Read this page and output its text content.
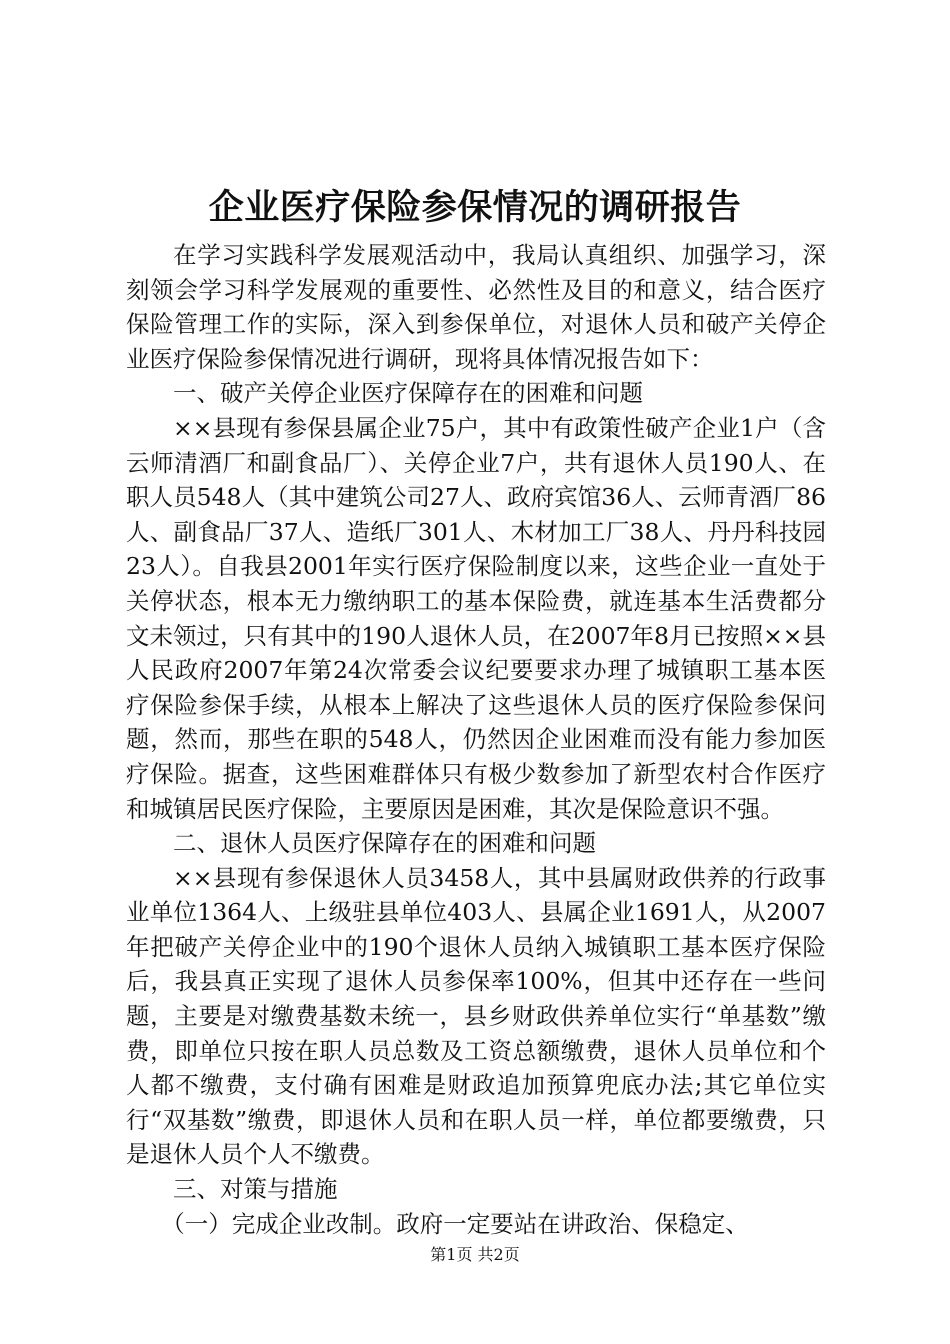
企业医疗保险参保情况的调研报告

在学习实践科学发展观活动中，我局认真组织、加强学习，深刻领会学习科学发展观的重要性、必然性及目的和意义，结合医疗保险管理工作的实际，深入到参保单位，对退休人员和破产关停企业医疗保险参保情况进行调研，现将具体情况报告如下：

一、破产关停企业医疗保障存在的困难和问题

××县现有参保县属企业75户，其中有政策性破产企业1户（含云师清酒厂和副食品厂）、关停企业7户，共有退休人员190人、在职人员548人（其中建筑公司27人、政府宾馆36人、云师青酒厂86人、副食品厂37人、造纸厂301人、木材加工厂38人、丹丹科技园23人）。自我县2001年实行医疗保险制度以来，这些企业一直处于关停状态，根本无力缴纳职工的基本保险费，就连基本生活费都分文未领过，只有其中的190人退休人员，在2007年8月已按照××县人民政府2007年第24次常委会议纪要要求办理了城镇职工基本医疗保险参保手续，从根本上解决了这些退休人员的医疗保险参保问题，然而，那些在职的548人，仍然因企业困难而没有能力参加医疗保险。据查，这些困难群体只有极少数参加了新型农村合作医疗和城镇居民医疗保险，主要原因是困难，其次是保险意识不强。

二、退休人员医疗保障存在的困难和问题

××县现有参保退休人员3458人，其中县属财政供养的行政事业单位1364人、上级驻县单位403人、县属企业1691人，从2007年把破产关停企业中的190个退休人员纳入城镇职工基本医疗保险后，我县真正实现了退休人员参保率100%，但其中还存在一些问题，主要是对缴费基数未统一，县乡财政供养单位实行“单基数”缴费，即单位只按在职人员总数及工资总额缴费，退休人员单位和个人都不缴费，支付确有困难是财政追加预算兜底办法;其它单位实行“双基数”缴费，即退休人员和在职人员一样，单位都要缴费，只是退休人员个人不缴费。

三、对策与措施

（一）完成企业改制。政府一定要站在讲政治、保稳定、

第1页 共2页
